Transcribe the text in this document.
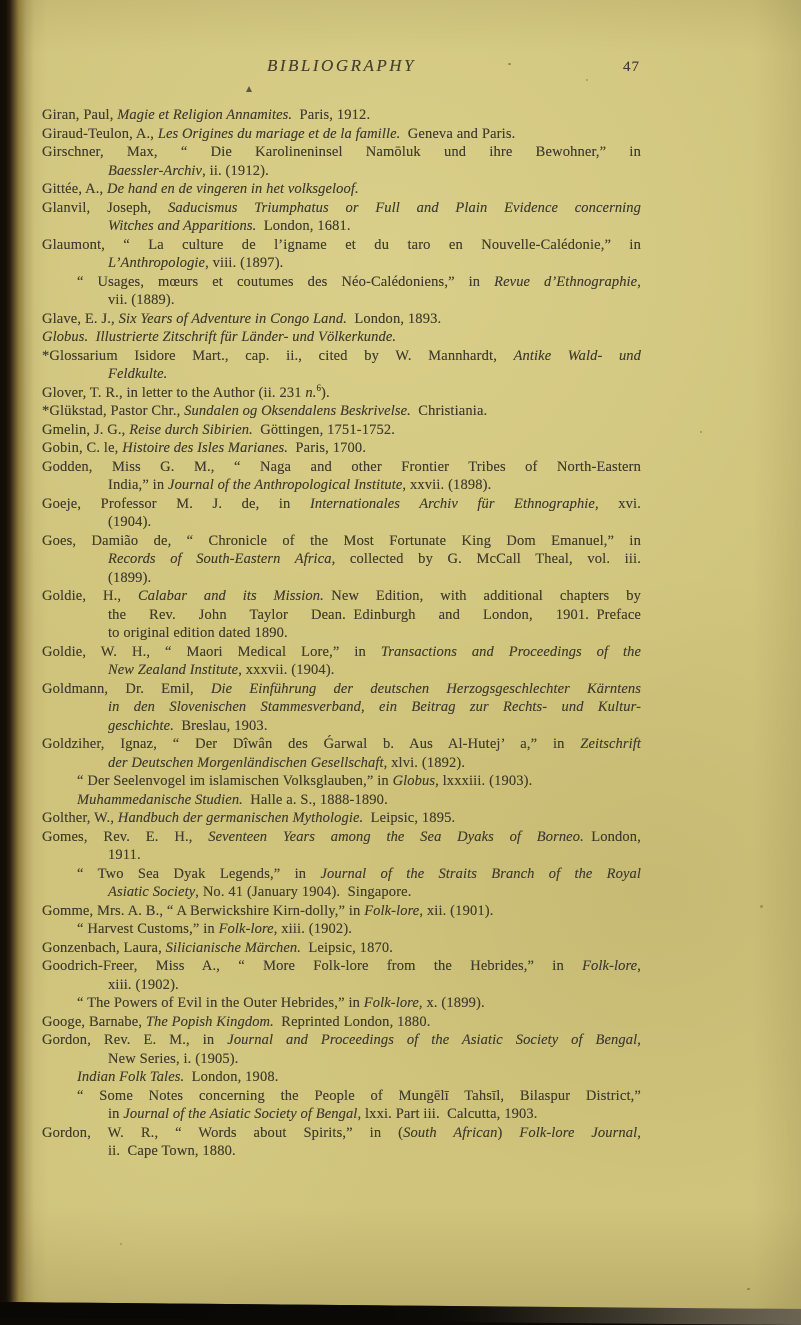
BIBLIOGRAPHY	47

Giran, Paul, Magie et Religion Annamites. Paris, 1912.

Giraud-Teulon, A., Les Origines du mariage et de la famille. Geneva and Paris.

Girschner, Max, “ Die Karolineninsel Namōluk und ihre Bewohner,” in
Baessler-Archiv, ii. (1912).

Gittée, A., De hand en de vingeren in het volksgeloof.

Glanvil, Joseph, Saducismus Triumphatus or Full and Plain Evidence concerning
Witches and Apparitions. London, 1681.

Glaumont, “ La culture de l’igname et du taro en Nouvelle-Calédonie,” in
L’Anthropologie, viii. (1897).

“ Usages, mœurs et coutumes des Néo-Calédoniens,” in Revue d’Ethnographie,
vii. (1889).

Glave, E. J., Six Years of Adventure in Congo Land. London, 1893.

Globus. Illustrierte Zitschrift für Länder- und Völkerkunde.

*Glossarium Isidore Mart., cap. ii., cited by W. Mannhardt, Antike Wald- und
Feldkulte.

Glover, T. R., in letter to the Author (ii. 231 n.$^6$).

*Glükstad, Pastor Chr., Sundalen og Oksendalens Beskrivelse. Christiania.

Gmelin, J. G., Reise durch Sibirien. Göttingen, 1751-1752.

Gobin, C. le, Histoire des Isles Marianes. Paris, 1700.

Godden, Miss G. M., “ Naga and other Frontier Tribes of North-Eastern
India,” in Journal of the Anthropological Institute, xxvii. (1898).

Goeje, Professor M. J. de, in Internationales Archiv für Ethnographie, xvi.
(1904).

Goes, Damião de, “ Chronicle of the Most Fortunate King Dom Emanuel,” in
Records of South-Eastern Africa, collected by G. McCall Theal, vol. iii.
(1899).

Goldie, H., Calabar and its Mission. New Edition, with additional chapters by
the Rev. John Taylor Dean. Edinburgh and London, 1901. Preface
to original edition dated 1890.

Goldie, W. H., “ Maori Medical Lore,” in Transactions and Proceedings of the
New Zealand Institute, xxxvii. (1904).

Goldmann, Dr. Emil, Die Einführung der deutschen Herzogsgeschlechter Kärntens
in den Slovenischen Stammesverband, ein Beitrag zur Rechts- und Kultur-
geschichte. Breslau, 1903.

Goldziher, Ignaz, “ Der Dîwân des Ǵarwal b. Aus Al-Hutej’ a,” in Zeitschrift
der Deutschen Morgenländischen Gesellschaft, xlvi. (1892).

“ Der Seelenvogel im islamischen Volksglauben,” in Globus, lxxxiii. (1903).

Muhammedanische Studien. Halle a. S., 1888-1890.

Golther, W., Handbuch der germanischen Mythologie. Leipsic, 1895.

Gomes, Rev. E. H., Seventeen Years among the Sea Dyaks of Borneo. London,
1911.

“ Two Sea Dyak Legends,” in Journal of the Straits Branch of the Royal
Asiatic Society, No. 41 (January 1904). Singapore.

Gomme, Mrs. A. B., “ A Berwickshire Kirn-dolly,” in Folk-lore, xii. (1901).

“ Harvest Customs,” in Folk-lore, xiii. (1902).

Gonzenbach, Laura, Silicianische Märchen. Leipsic, 1870.

Goodrich-Freer, Miss A., “ More Folk-lore from the Hebrides,” in Folk-lore,
xiii. (1902).

“ The Powers of Evil in the Outer Hebrides,” in Folk-lore, x. (1899).

Googe, Barnabe, The Popish Kingdom. Reprinted London, 1880.

Gordon, Rev. E. M., in Journal and Proceedings of the Asiatic Society of Bengal,
New Series, i. (1905).

Indian Folk Tales. London, 1908.

“ Some Notes concerning the People of Mungēlī Tahsīl, Bilaspur District,”
in Journal of the Asiatic Society of Bengal, lxxi. Part iii. Calcutta, 1903.

Gordon, W. R., “ Words about Spirits,” in (South African) Folk-lore Journal,
ii. Cape Town, 1880.
